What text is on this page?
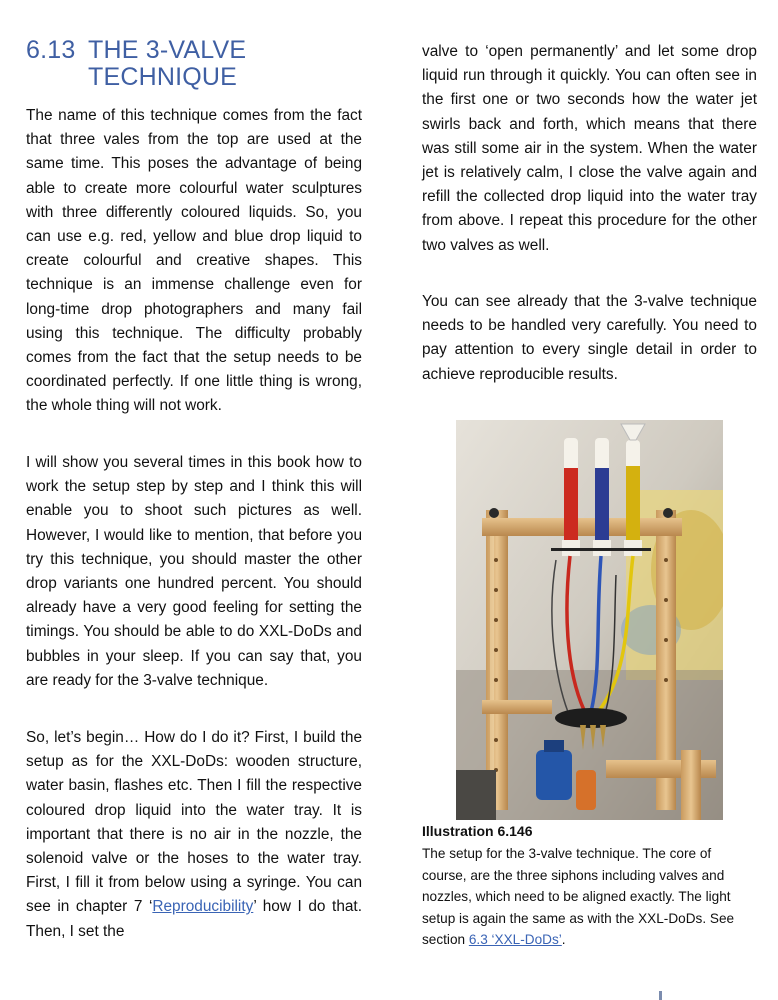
6.13 THE 3-VALVE TECHNIQUE

The name of this technique comes from the fact that three vales from the top are used at the same time. This poses the advantage of being able to create more colourful water sculptures with three differently coloured liquids. So, you can use e.g. red, yellow and blue drop liquid to create colourful and creative shapes. This technique is an immense challenge even for long-time drop photographers and many fail using this technique. The difficulty probably comes from the fact that the setup needs to be coordinated perfectly. If one little thing is wrong, the whole thing will not work.

I will show you several times in this book how to work the setup step by step and I think this will enable you to shoot such pictures as well. However, I would like to mention, that before you try this technique, you should master the other drop variants one hundred percent. You should already have a very good feeling for setting the timings. You should be able to do XXL-DoDs and bubbles in your sleep. If you can say that, you are ready for the 3-valve technique.

So, let’s begin… How do I do it? First, I build the setup as for the XXL-DoDs: wooden structure, water basin, flashes etc. Then I fill the respective coloured drop liquid into the water tray. It is important that there is no air in the nozzle, the solenoid valve or the hoses to the water tray. First, I fill it from below using a syringe. You can see in chapter 7 ‘Reproducibility’ how I do that. Then, I set the

valve to ‘open permanently’ and let some drop liquid run through it quickly. You can often see in the first one or two seconds how the water jet swirls back and forth, which means that there was still some air in the system. When the water jet is relatively calm, I close the valve again and refill the collected drop liquid into the water tray from above. I repeat this procedure for the other two valves as well.

You can see already that the 3-valve technique needs to be handled very carefully. You need to pay attention to every single detail in order to achieve reproducible results.

Illustration 6.146

The setup for the 3-valve technique. The core of course, are the three siphons including valves and nozzles, which need to be aligned exactly. The light setup is again the same as with the XXL-DoDs. See section 6.3 ‘XXL-DoDs’.
